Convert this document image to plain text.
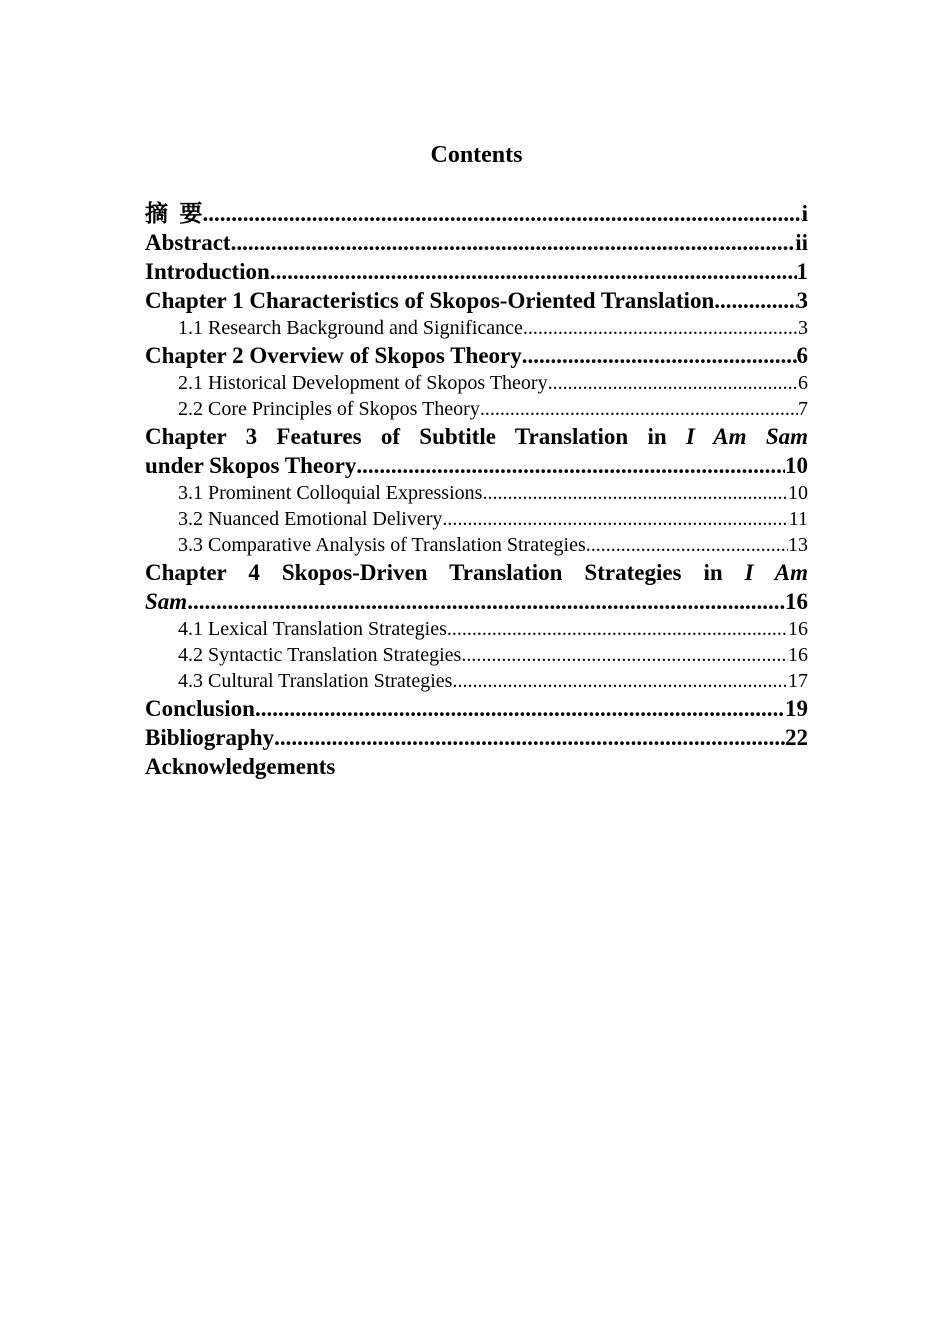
Contents
摘  要 .....	i
Abstract .....	ii
Introduction .....	1
Chapter 1 Characteristics of Skopos-Oriented Translation. .....	3
1.1 Research Background and Significance .....	3
Chapter 2 Overview of Skopos Theory .....	6
2.1 Historical Development of Skopos Theory .....	6
2.2 Core Principles of Skopos Theory .....	7
Chapter 3 Features of Subtitle Translation in I Am Sam
under Skopos Theory .....	10
3.1 Prominent Colloquial Expressions .....	10
3.2 Nuanced Emotional Delivery .....	11
3.3 Comparative Analysis of Translation Strategies .....	13
Chapter 4 Skopos-Driven Translation Strategies in I Am
Sam .....	16
4.1 Lexical Translation Strategies .....	16
4.2 Syntactic Translation Strategies .....	16
4.3 Cultural Translation Strategies .....	17
Conclusion .....	19
Bibliography .....	22
Acknowledgements
